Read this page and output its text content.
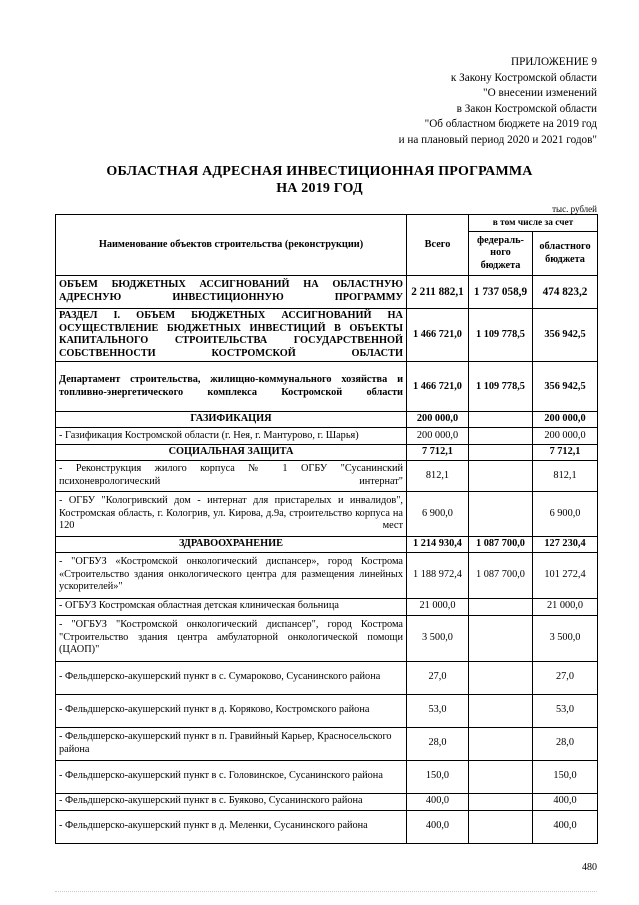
ПРИЛОЖЕНИЕ 9
к Закону Костромской области
"О внесении изменений
в Закон Костромской области
"Об областном бюджете на 2019 год
и на плановый период 2020 и 2021 годов"
ОБЛАСТНАЯ АДРЕСНАЯ ИНВЕСТИЦИОННАЯ ПРОГРАММА
НА 2019 ГОД
тыс. рублей
Наименование объектов строительства (реконструкции)	Всего	в том числе за счет	
		федераль-ного бюджета	областного бюджета
ОБЪЕМ БЮДЖЕТНЫХ АССИГНОВАНИЙ НА ОБЛАСТНУЮ АДРЕСНУЮ ИНВЕСТИЦИОННУЮ ПРОГРАММУ	2 211 882,1	1 737 058,9	474 823,2
РАЗДЕЛ I. ОБЪЕМ БЮДЖЕТНЫХ АССИГНОВАНИЙ НА ОСУЩЕСТВЛЕНИЕ БЮДЖЕТНЫХ ИНВЕСТИЦИЙ В ОБЪЕКТЫ КАПИТАЛЬНОГО СТРОИТЕЛЬСТВА ГОСУДАРСТВЕННОЙ СОБСТВЕННОСТИ КОСТРОМСКОЙ ОБЛАСТИ	1 466 721,0	1 109 778,5	356 942,5
Департамент строительства, жилищно-коммунального хозяйства и топливно-энергетического комплекса Костромской области	1 466 721,0	1 109 778,5	356 942,5
ГАЗИФИКАЦИЯ	200 000,0		200 000,0
- Газификация Костромской области (г. Нея, г. Мантурово, г. Шарья)	200 000,0		200 000,0
СОЦИАЛЬНАЯ ЗАЩИТА	7 712,1		7 712,1
- Реконструкция жилого корпуса № 1 ОГБУ "Сусанинский психоневрологический интернат"	812,1		812,1
- ОГБУ "Кологривский дом - интернат для пристарелых и инвалидов", Костромская область, г. Кологрив, ул. Кирова, д.9а, строительство корпуса на 120 мест	6 900,0		6 900,0
ЗДРАВООХРАНЕНИЕ	1 214 930,4	1 087 700,0	127 230,4
- "ОГБУЗ «Костромской онкологический диспансер», город Кострома «Строительство здания онкологического центра для размещения линейных ускорителей»"	1 188 972,4	1 087 700,0	101 272,4
- ОГБУЗ Костромская областная детская клиническая больница	21 000,0		21 000,0
- "ОГБУЗ "Костромской онкологический диспансер", город Кострома "Строительство здания центра амбулаторной онкологической помощи (ЦАОП)"	3 500,0		3 500,0
- Фельдшерско-акушерский пункт в с. Сумароково, Сусанинского района	27,0		27,0
- Фельдшерско-акушерский пункт в д. Коряково, Костромского района	53,0		53,0
- Фельдшерско-акушерский пункт в п. Гравийный Карьер, Красносельского района	28,0		28,0
- Фельдшерско-акушерский пункт в с. Головинское, Сусанинского района	150,0		150,0
- Фельдшерско-акушерский пункт в с. Буяково, Сусанинского района	400,0		400,0
- Фельдшерско-акушерский пункт в д. Меленки, Сусанинского района	400,0		400,0
480
